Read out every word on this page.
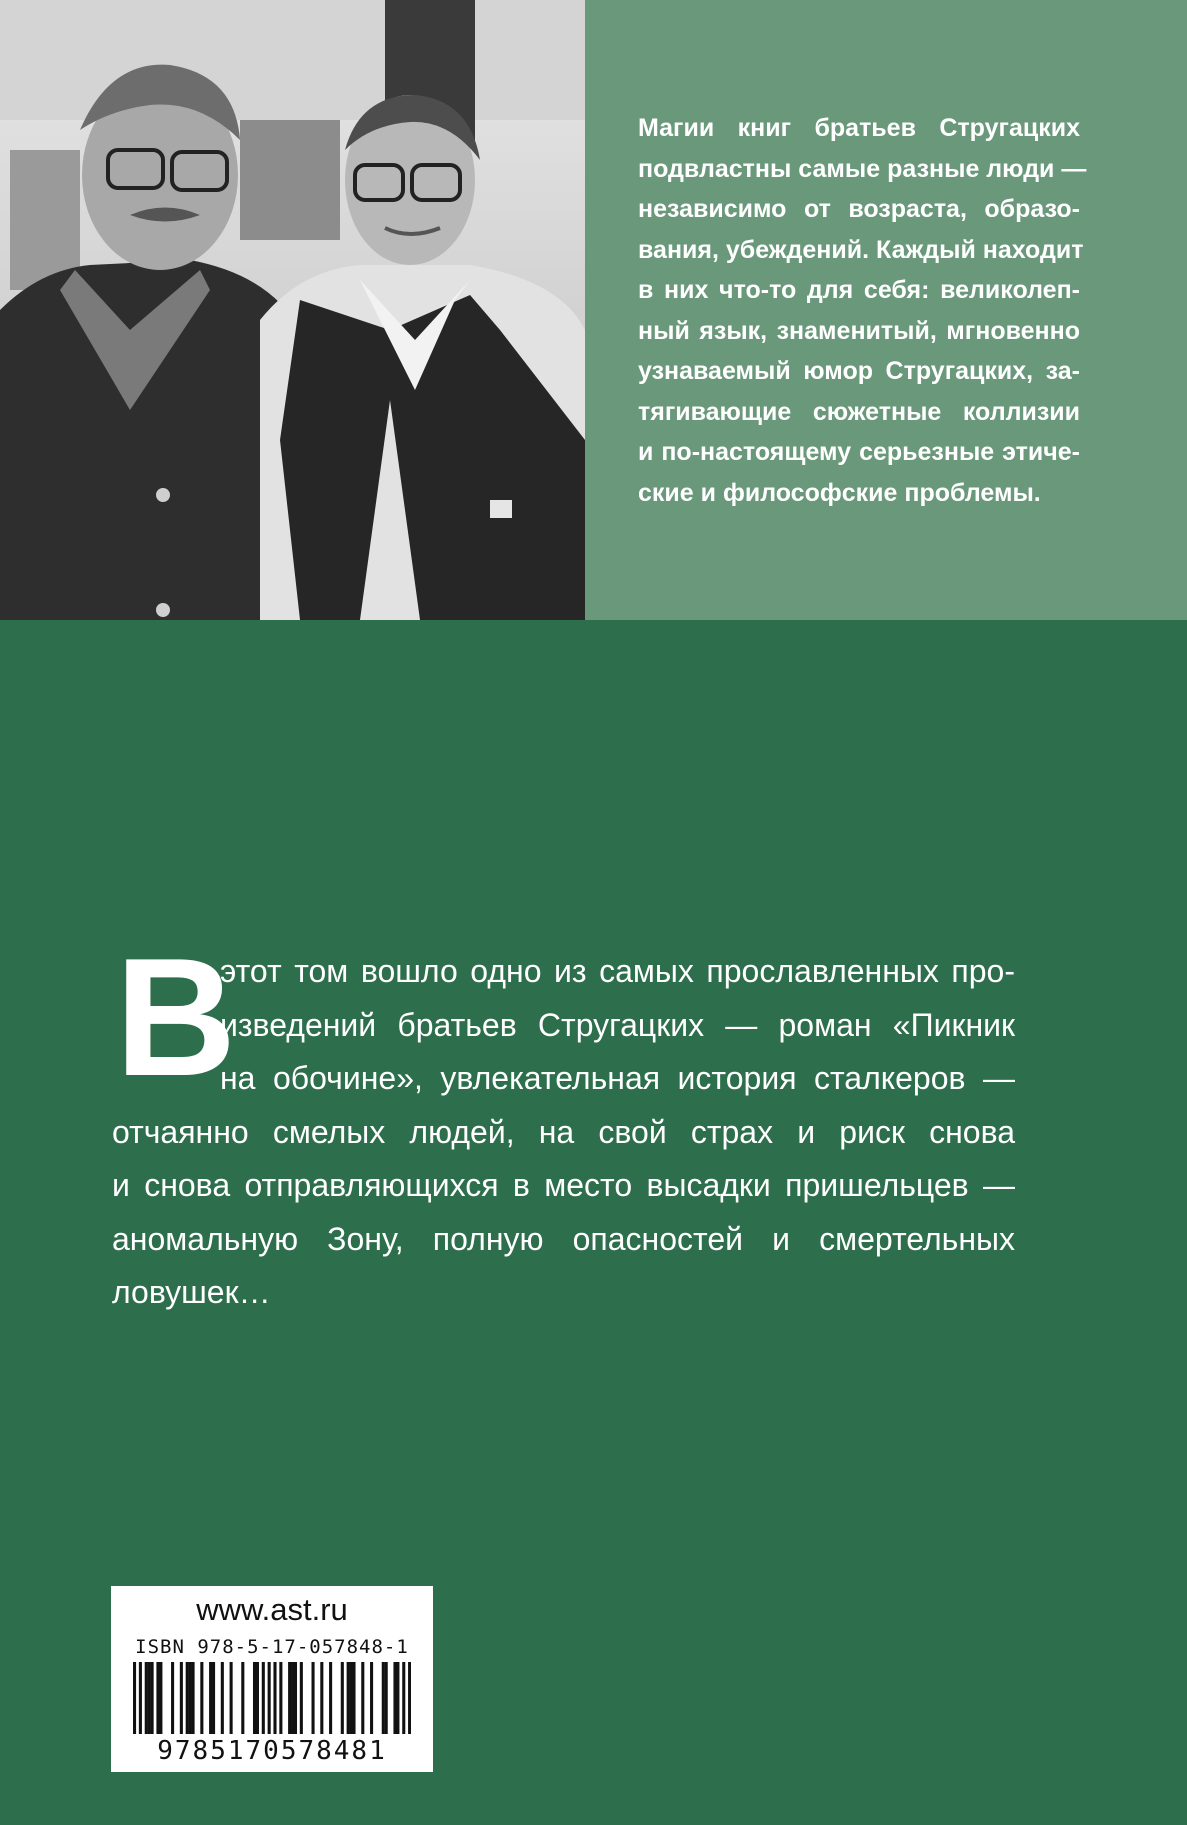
Магии книг братьев Стругацких
подвластны самые разные люди —
независимо от возраста, образо-
вания, убеждений. Каждый находит
в них что-то для себя: великолеп-
ный язык, знаменитый, мгновенно
узнаваемый юмор Стругацких, за-
тягивающие сюжетные коллизии
и по-настоящему серьезные этиче-
ские и философские проблемы.
В
этот том вошло одно из самых прославленных про-
изведений братьев Стругацких — роман «Пикник
на обочине», увлекательная история сталкеров —
отчаянно смелых людей, на свой страх и риск снова
и снова отправляющихся в место высадки пришельцев —
аномальную Зону, полную опасностей и смертельных
ловушек…
www.ast.ru
ISBN 978-5-17-057848-1
9785170578481
